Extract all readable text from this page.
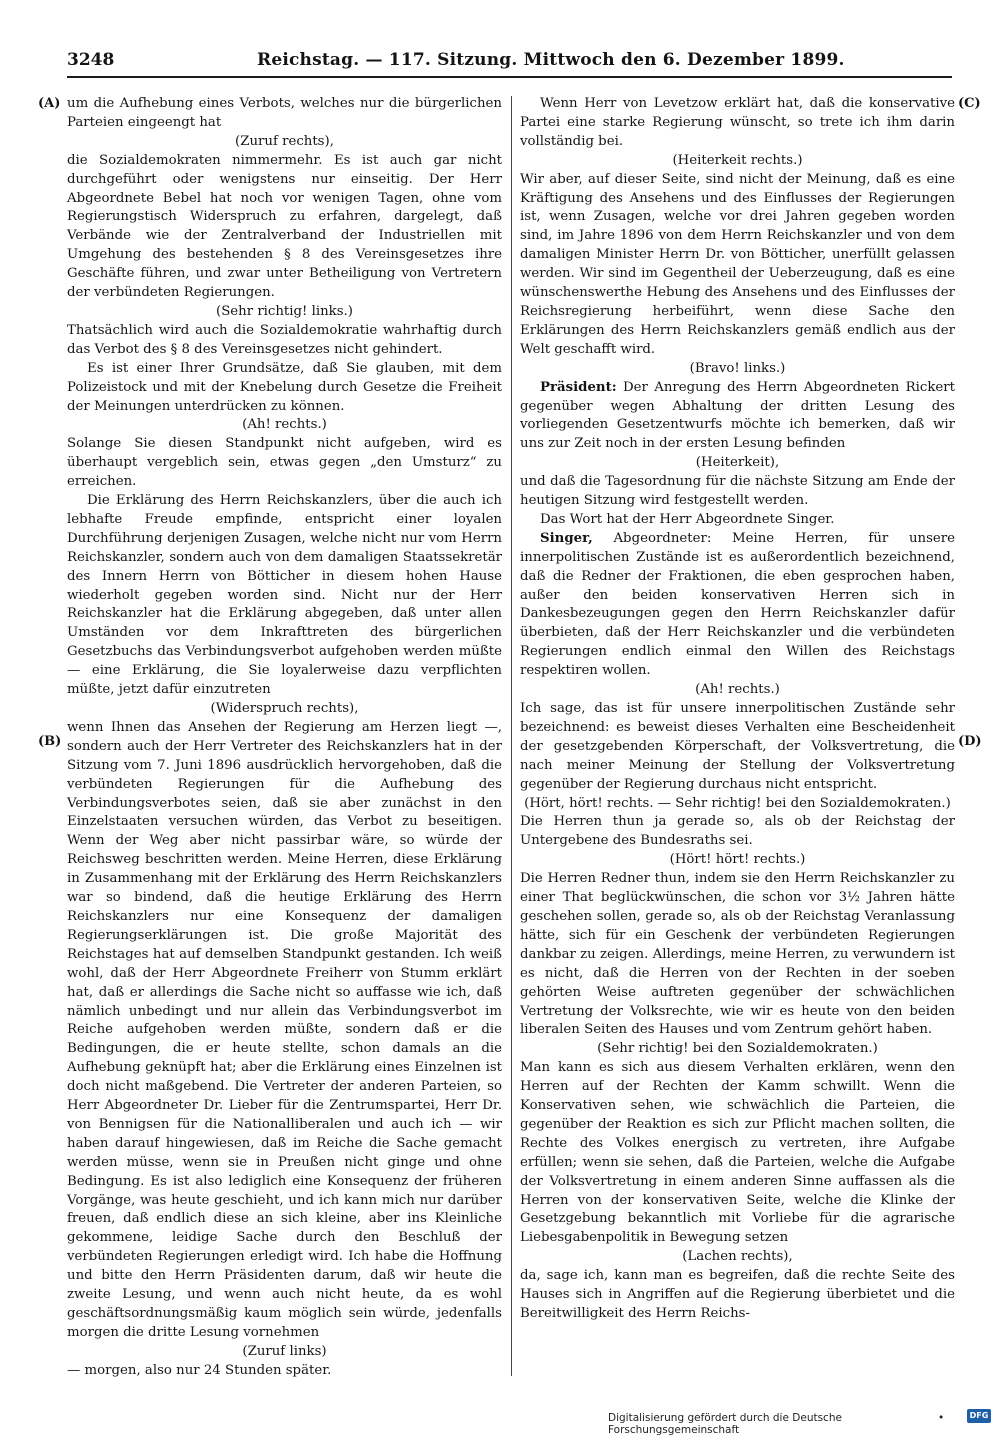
3248	Reichstag. — 117. Sitzung. Mittwoch den 6. Dezember 1899.
(A)
(B)
(C)
(D)

um die Aufhebung eines Verbots, welches nur die bürgerlichen Parteien eingeengt hat

(Zuruf rechts),

die Sozialdemokraten nimmermehr. Es ist auch gar nicht durchgeführt oder wenigstens nur einseitig. Der Herr Abgeordnete Bebel hat noch vor wenigen Tagen, ohne vom Regierungstisch Widerspruch zu erfahren, dargelegt, daß Verbände wie der Zentralverband der Industriellen mit Umgehung des bestehenden § 8 des Vereinsgesetzes ihre Geschäfte führen, und zwar unter Betheiligung von Vertretern der verbündeten Regierungen.

(Sehr richtig! links.)

Thatsächlich wird auch die Sozialdemokratie wahrhaftig durch das Verbot des § 8 des Vereinsgesetzes nicht gehindert.

Es ist einer Ihrer Grundsätze, daß Sie glauben, mit dem Polizeistock und mit der Knebelung durch Gesetze die Freiheit der Meinungen unterdrücken zu können.

(Ah! rechts.)

Solange Sie diesen Standpunkt nicht aufgeben, wird es überhaupt vergeblich sein, etwas gegen „den Umsturz“ zu erreichen.

Die Erklärung des Herrn Reichskanzlers, über die auch ich lebhafte Freude empfinde, entspricht einer loyalen Durchführung derjenigen Zusagen, welche nicht nur vom Herrn Reichskanzler, sondern auch von dem damaligen Staatssekretär des Innern Herrn von Bötticher in diesem hohen Hause wiederholt gegeben worden sind. Nicht nur der Herr Reichskanzler hat die Erklärung abgegeben, daß unter allen Umständen vor dem Inkrafttreten des bürgerlichen Gesetzbuchs das Verbindungsverbot aufgehoben werden müßte — eine Erklärung, die Sie loyalerweise dazu verpflichten müßte, jetzt dafür einzutreten

(Widerspruch rechts),

wenn Ihnen das Ansehen der Regierung am Herzen liegt —, sondern auch der Herr Vertreter des Reichskanzlers hat in der Sitzung vom 7. Juni 1896 ausdrücklich hervorgehoben, daß die verbündeten Regierungen für die Aufhebung des Verbindungsverbotes seien, daß sie aber zunächst in den Einzelstaaten versuchen würden, das Verbot zu beseitigen. Wenn der Weg aber nicht passirbar wäre, so würde der Reichsweg beschritten werden. Meine Herren, diese Erklärung in Zusammenhang mit der Erklärung des Herrn Reichskanzlers war so bindend, daß die heutige Erklärung des Herrn Reichskanzlers nur eine Konsequenz der damaligen Regierungserklärungen ist. Die große Majorität des Reichstages hat auf demselben Standpunkt gestanden. Ich weiß wohl, daß der Herr Abgeordnete Freiherr von Stumm erklärt hat, daß er allerdings die Sache nicht so auffasse wie ich, daß nämlich unbedingt und nur allein das Verbindungsverbot im Reiche aufgehoben werden müßte, sondern daß er die Bedingungen, die er heute stellte, schon damals an die Aufhebung geknüpft hat; aber die Erklärung eines Einzelnen ist doch nicht maßgebend. Die Vertreter der anderen Parteien, so Herr Abgeordneter Dr. Lieber für die Zentrumspartei, Herr Dr. von Bennigsen für die Nationalliberalen und auch ich — wir haben darauf hingewiesen, daß im Reiche die Sache gemacht werden müsse, wenn sie in Preußen nicht ginge und ohne Bedingung. Es ist also lediglich eine Konsequenz der früheren Vorgänge, was heute geschieht, und ich kann mich nur darüber freuen, daß endlich diese an sich kleine, aber ins Kleinliche gekommene, leidige Sache durch den Beschluß der verbündeten Regierungen erledigt wird. Ich habe die Hoffnung und bitte den Herrn Präsidenten darum, daß wir heute die zweite Lesung, und wenn auch nicht heute, da es wohl geschäftsordnungsmäßig kaum möglich sein würde, jedenfalls morgen die dritte Lesung vornehmen

(Zuruf links)

— morgen, also nur 24 Stunden später.

Wenn Herr von Levetzow erklärt hat, daß die konservative Partei eine starke Regierung wünscht, so trete ich ihm darin vollständig bei.

(Heiterkeit rechts.)

Wir aber, auf dieser Seite, sind nicht der Meinung, daß es eine Kräftigung des Ansehens und des Einflusses der Regierungen ist, wenn Zusagen, welche vor drei Jahren gegeben worden sind, im Jahre 1896 von dem Herrn Reichskanzler und von dem damaligen Minister Herrn Dr. von Bötticher, unerfüllt gelassen werden. Wir sind im Gegentheil der Ueberzeugung, daß es eine wünschenswerthe Hebung des Ansehens und des Einflusses der Reichsregierung herbeiführt, wenn diese Sache den Erklärungen des Herrn Reichskanzlers gemäß endlich aus der Welt geschafft wird.

(Bravo! links.)

Präsident: Der Anregung des Herrn Abgeordneten Rickert gegenüber wegen Abhaltung der dritten Lesung des vorliegenden Gesetzentwurfs möchte ich bemerken, daß wir uns zur Zeit noch in der ersten Lesung befinden

(Heiterkeit),

und daß die Tagesordnung für die nächste Sitzung am Ende der heutigen Sitzung wird festgestellt werden.

Das Wort hat der Herr Abgeordnete Singer.

Singer, Abgeordneter: Meine Herren, für unsere innerpolitischen Zustände ist es außerordentlich bezeichnend, daß die Redner der Fraktionen, die eben gesprochen haben, außer den beiden konservativen Herren sich in Dankesbezeugungen gegen den Herrn Reichskanzler dafür überbieten, daß der Herr Reichskanzler und die verbündeten Regierungen endlich einmal den Willen des Reichstags respektiren wollen.

(Ah! rechts.)

Ich sage, das ist für unsere innerpolitischen Zustände sehr bezeichnend: es beweist dieses Verhalten eine Bescheidenheit der gesetzgebenden Körperschaft, der Volksvertretung, die nach meiner Meinung der Stellung der Volksvertretung gegenüber der Regierung durchaus nicht entspricht.

(Hört, hört! rechts. — Sehr richtig! bei den Sozialdemokraten.)

Die Herren thun ja gerade so, als ob der Reichstag der Untergebene des Bundesraths sei.

(Hört! hört! rechts.)

Die Herren Redner thun, indem sie den Herrn Reichskanzler zu einer That beglückwünschen, die schon vor 3½ Jahren hätte geschehen sollen, gerade so, als ob der Reichstag Veranlassung hätte, sich für ein Geschenk der verbündeten Regierungen dankbar zu zeigen. Allerdings, meine Herren, zu verwundern ist es nicht, daß die Herren von der Rechten in der soeben gehörten Weise auftreten gegenüber der schwächlichen Vertretung der Volksrechte, wie wir es heute von den beiden liberalen Seiten des Hauses und vom Zentrum gehört haben.

(Sehr richtig! bei den Sozialdemokraten.)

Man kann es sich aus diesem Verhalten erklären, wenn den Herren auf der Rechten der Kamm schwillt. Wenn die Konservativen sehen, wie schwächlich die Parteien, die gegenüber der Reaktion es sich zur Pflicht machen sollten, die Rechte des Volkes energisch zu vertreten, ihre Aufgabe erfüllen; wenn sie sehen, daß die Parteien, welche die Aufgabe der Volksvertretung in einem anderen Sinne auffassen als die Herren von der konservativen Seite, welche die Klinke der Gesetzgebung bekanntlich mit Vorliebe für die agrarische Liebesgabenpolitik in Bewegung setzen

(Lachen rechts),

da, sage ich, kann man es begreifen, daß die rechte Seite des Hauses sich in Angriffen auf die Regierung überbietet und die Bereitwilligkeit des Herrn Reichs-

Digitalisierung gefördert durch die Deutsche Forschungsgemeinschaft
•	DFG
